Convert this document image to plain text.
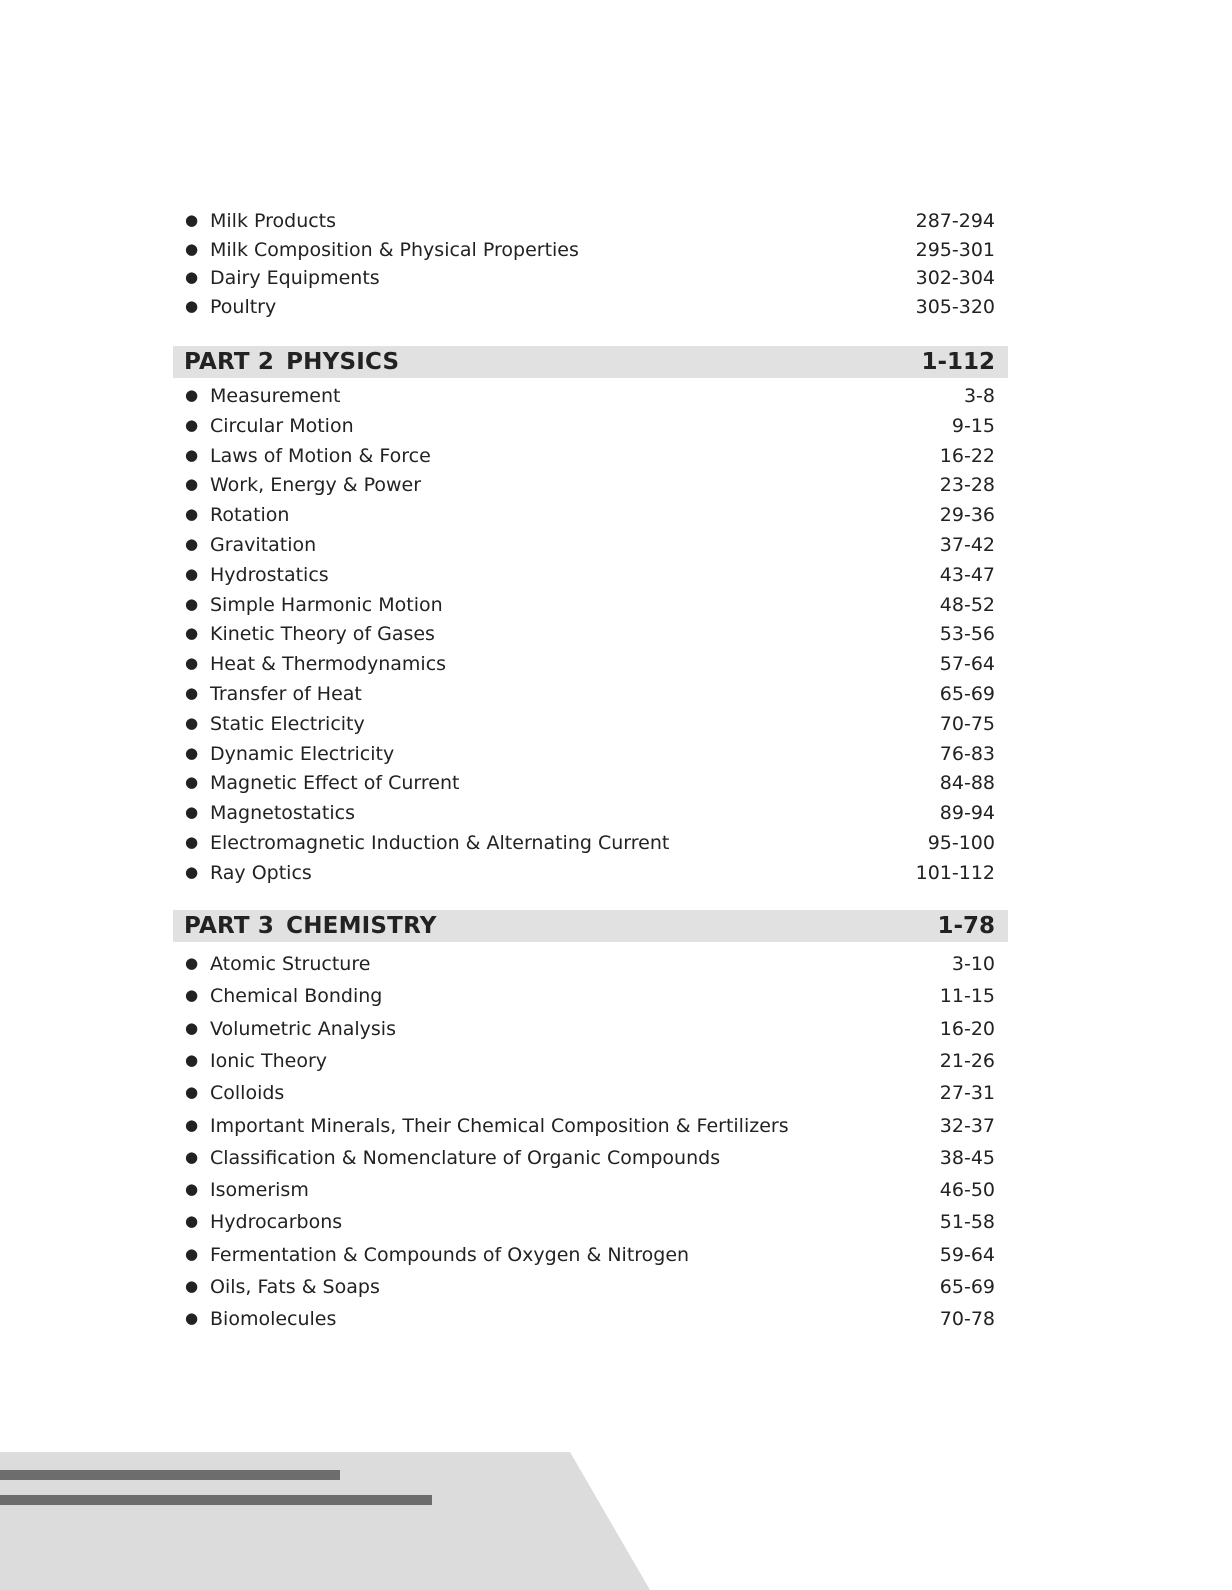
● Milk Products	287-294
● Milk Composition & Physical Properties	295-301
● Dairy Equipments	302-304
● Poultry	305-320
PART 2 PHYSICS	1-112
● Measurement	3-8
● Circular Motion	9-15
● Laws of Motion & Force	16-22
● Work, Energy & Power	23-28
● Rotation	29-36
● Gravitation	37-42
● Hydrostatics	43-47
● Simple Harmonic Motion	48-52
● Kinetic Theory of Gases	53-56
● Heat & Thermodynamics	57-64
● Transfer of Heat	65-69
● Static Electricity	70-75
● Dynamic Electricity	76-83
● Magnetic Effect of Current	84-88
● Magnetostatics	89-94
● Electromagnetic Induction & Alternating Current	95-100
● Ray Optics	101-112
PART 3 CHEMISTRY	1-78
● Atomic Structure	3-10
● Chemical Bonding	11-15
● Volumetric Analysis	16-20
● Ionic Theory	21-26
● Colloids	27-31
● Important Minerals, Their Chemical Composition & Fertilizers	32-37
● Classification & Nomenclature of Organic Compounds	38-45
● Isomerism	46-50
● Hydrocarbons	51-58
● Fermentation & Compounds of Oxygen & Nitrogen	59-64
● Oils, Fats & Soaps	65-69
● Biomolecules	70-78
